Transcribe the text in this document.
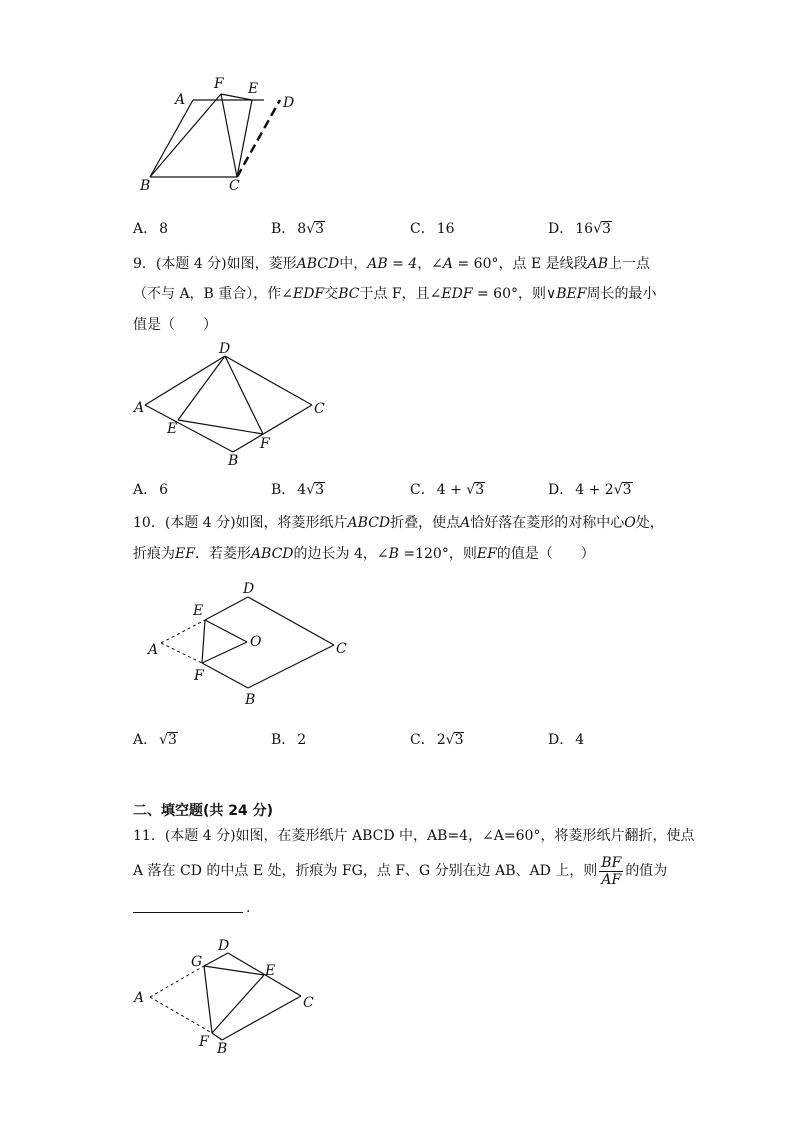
A
F E
D
B	C
A． 8	B． 8√3	C． 16	D． 16√3
9．(本题 4 分)如图，菱形ABCD中，AB = 4，∠A = 60°，点 E 是线段AB上一点
（不与 A，B 重合），作∠EDF交BC于点 F，且∠EDF = 60°，则∨BEF周长的最小
值是（　　）
D
A	C
E
F
B
A． 6	B． 4√3	C． 4 + √3	D． 4 + 2√3
10．(本题 4 分)如图，将菱形纸片ABCD折叠，使点A恰好落在菱形的对称中心O处，
折痕为EF．若菱形ABCD的边长为 4，∠B =120°，则EF的值是（　　）
D
E
A	O	C
F
B
A． √3	B． 2	C． 2√3	D． 4
二、填空题(共 24 分)
11．(本题 4 分)如图，在菱形纸片 ABCD 中，AB=4，∠A=60°，将菱形纸片翻折，使点
A 落在 CD 的中点 E 处，折痕为 FG，点 F、G 分别在边 AB、AD 上，则 $\frac{BF}{AF}$ 的值为
.
D
G
E
A	C
F B
